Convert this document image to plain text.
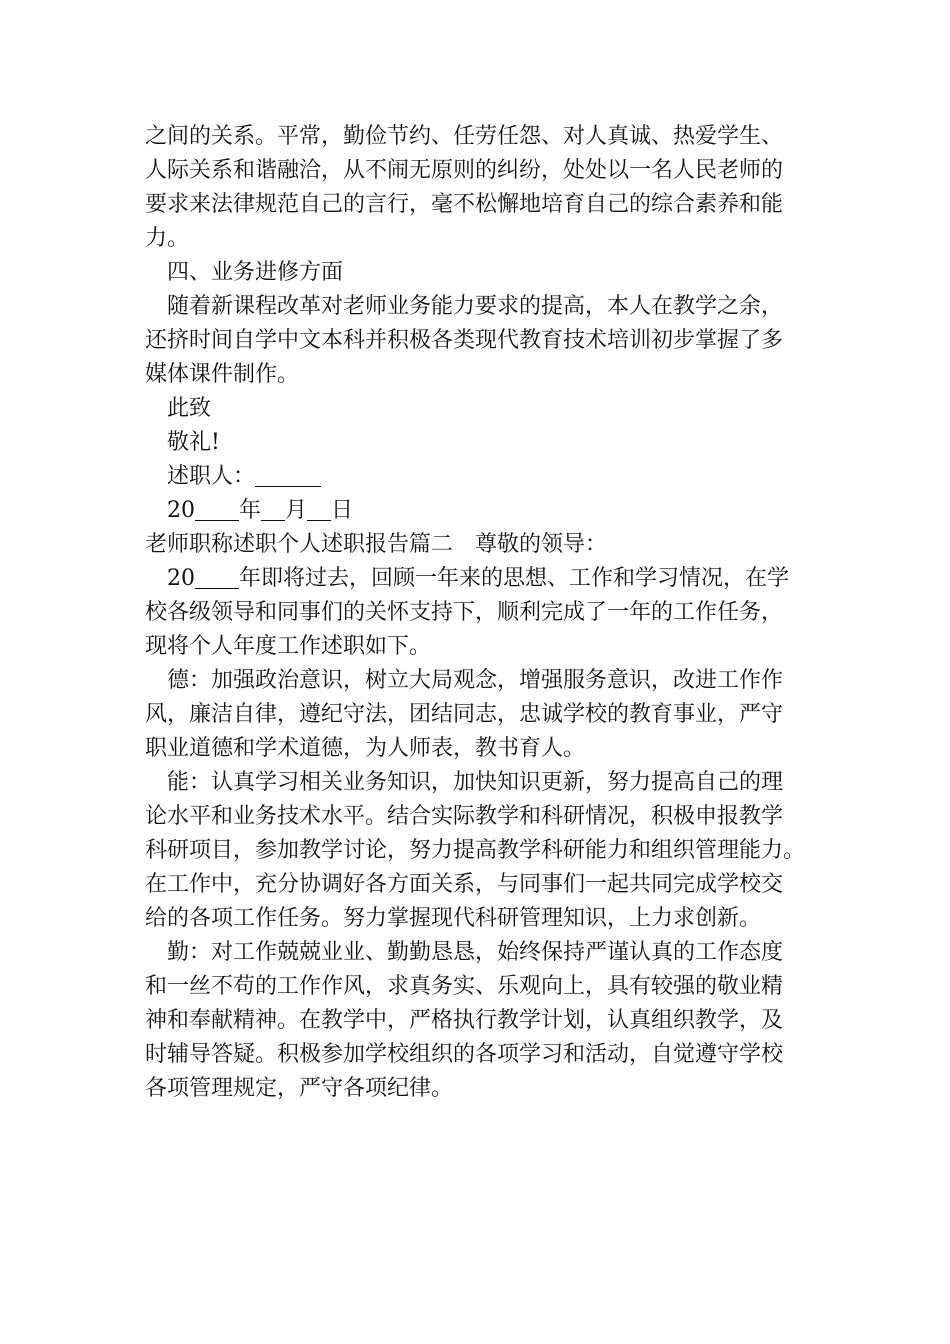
之间的关系。平常，勤俭节约、任劳任怨、对人真诚、热爱学生、
人际关系和谐融洽，从不闹无原则的纠纷，处处以一名人民老师的
要求来法律规范自己的言行，毫不松懈地培育自己的综合素养和能
力。
四、业务进修方面
随着新课程改革对老师业务能力要求的提高，本人在教学之余，
还挤时间自学中文本科并积极各类现代教育技术培训初步掌握了多
媒体课件制作。
此致
敬礼!
述职人：
20 年 月 日
老师职称述职个人述职报告篇二　尊敬的领导：
20 年即将过去，回顾一年来的思想、工作和学习情况，在学
校各级领导和同事们的关怀支持下，顺利完成了一年的工作任务，
现将个人年度工作述职如下。
德：加强政治意识，树立大局观念，增强服务意识，改进工作作
风，廉洁自律，遵纪守法，团结同志，忠诚学校的教育事业，严守
职业道德和学术道德，为人师表，教书育人。
能：认真学习相关业务知识，加快知识更新，努力提高自己的理
论水平和业务技术水平。结合实际教学和科研情况，积极申报教学
科研项目，参加教学讨论，努力提高教学科研能力和组织管理能力。
在工作中，充分协调好各方面关系，与同事们一起共同完成学校交
给的各项工作任务。努力掌握现代科研管理知识，上力求创新。
勤：对工作兢兢业业、勤勤恳恳，始终保持严谨认真的工作态度
和一丝不苟的工作作风，求真务实、乐观向上，具有较强的敬业精
神和奉献精神。在教学中，严格执行教学计划，认真组织教学，及
时辅导答疑。积极参加学校组织的各项学习和活动，自觉遵守学校
各项管理规定，严守各项纪律。
